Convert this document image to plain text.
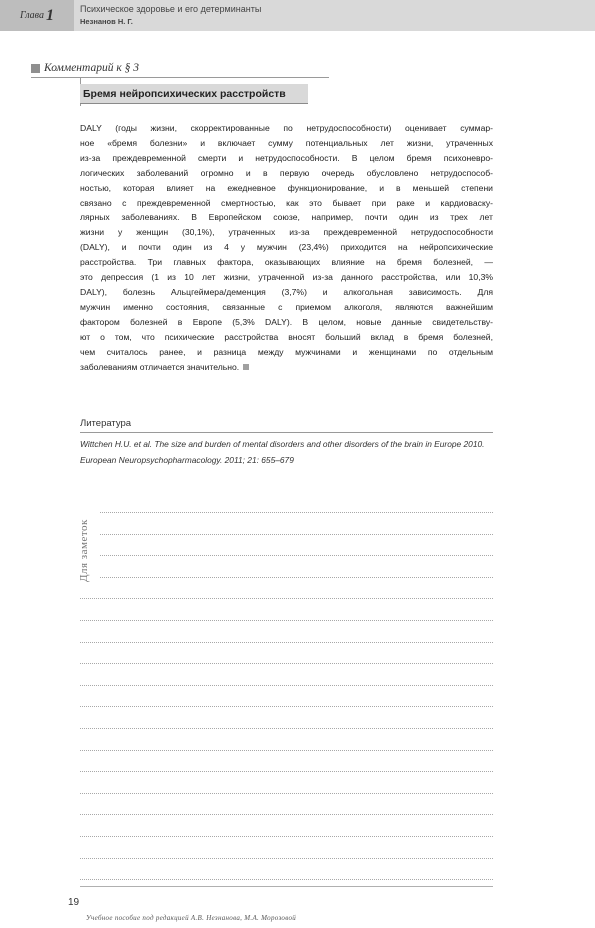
Глава 1	Психическое здоровье и его детерминанты
Незнанов Н. Г.
Комментарий к § 3
Бремя нейропсихических расстройств
DALY (годы жизни, скорректированные по нетрудоспособности) оценивает суммар-
ное «бремя болезни» и включает сумму потенциальных лет жизни, утраченных
из-за преждевременной смерти и нетрудоспособности. В целом бремя психоневро-
логических заболеваний огромно и в первую очередь обусловлено нетрудоспособ-
ностью, которая влияет на ежедневное функционирование, и в меньшей степени
связано с преждевременной смертностью, как это бывает при раке и кардиоваску-
лярных заболеваниях. В Европейском союзе, например, почти один из трех лет
жизни у женщин (30,1%), утраченных из-за преждевременной нетрудоспособности
(DALY), и почти один из 4 у мужчин (23,4%) приходится на нейропсихические
расстройства. Три главных фактора, оказывающих влияние на бремя болезней, —
это депрессия (1 из 10 лет жизни, утраченной из-за данного расстройства, или 10,3%
DALY), болезнь Альцгеймера/деменция (3,7%) и алкогольная зависимость. Для
мужчин именно состояния, связанные с приемом алкоголя, являются важнейшим
фактором болезней в Европе (5,3% DALY). В целом, новые данные свидетельству-
ют о том, что психические расстройства вносят больший вклад в бремя болезней,
чем считалось ранее, и разница между мужчинами и женщинами по отдельным
заболеваниям отличается значительно.
Литература
Wittchen H.U. et al. The size and burden of mental disorders and other disorders of the brain in Europe 2010. European Neuropsychopharmacology. 2011; 21: 655–679
Для заметок
19
Учебное пособие под редакцией А.В. Незнанова, М.А. Морозовой
